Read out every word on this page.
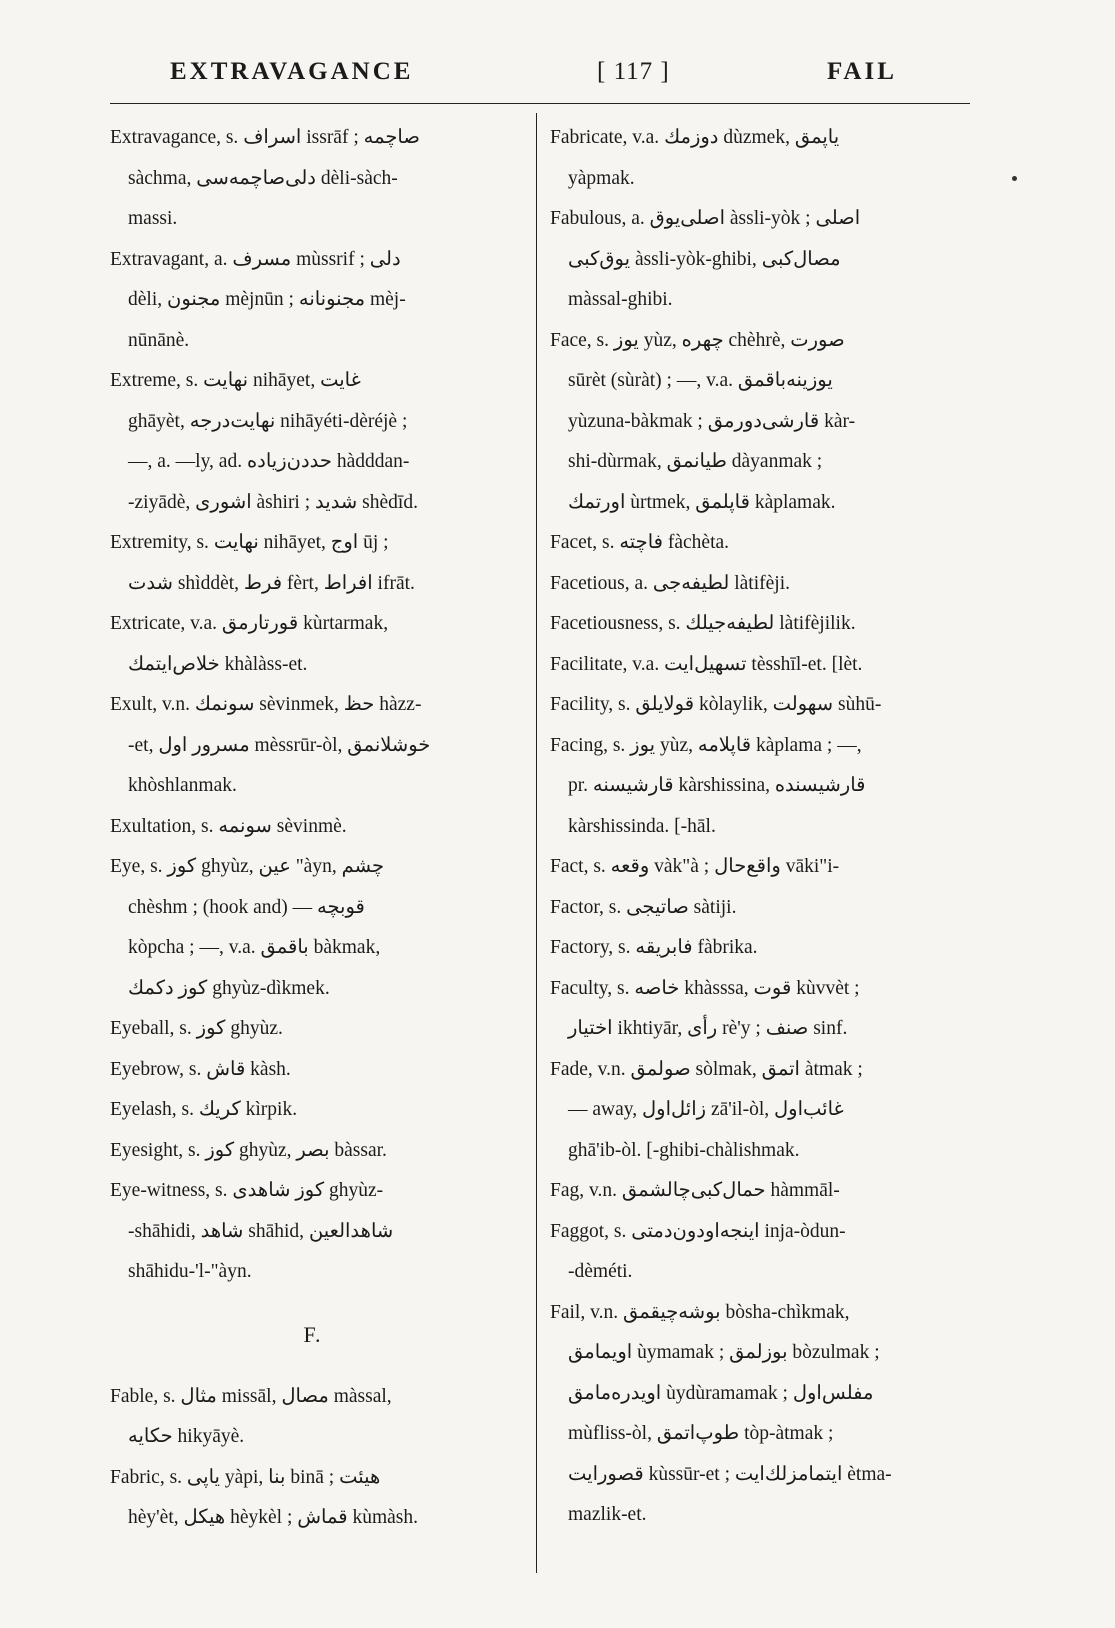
EXTRAVAGANCE	[ 117 ]	FAIL
Extravagance, s. اسراف issrāf ; صاچمه
sàchma, دلى‌صاچمه‌سى dèli-sàch-
massi.
Extravagant, a. مسرف mùssrif ; دلى
dèli, مجنون mèjnūn ; مجنونانه mèj-
nūnānè.
Extreme, s. نهايت nihāyet, غايت
ghāyèt, نهايت‌درجه nihāyéti-dèréjè ;
—, a. —ly, ad. حددن‌زياده hàdddan-
-ziyādè, اشورى àshiri ; شديد shèdīd.
Extremity, s. نهايت nihāyet, اوج ūj ;
شدت shìddèt, فرط fèrt, افراط ifrāt.
Extricate, v.a. قورتارمق kùrtarmak,
خلاص‌ايتمك khàlàss-et.
Exult, v.n. سونمك sèvinmek, حظ hàzz-
-et, مسرور اول mèssrūr-òl, خوشلانمق
khòshlanmak.
Exultation, s. سونمه sèvinmè.
Eye, s. كوز ghyùz, عين "àyn, چشم
chèshm ; (hook and) — قوبچه
kòpcha ; —, v.a. باقمق bàkmak,
كوز دكمك ghyùz-dìkmek.
Eyeball, s. كوز ghyùz.
Eyebrow, s. قاش kàsh.
Eyelash, s. كريك kìrpik.
Eyesight, s. كوز ghyùz, بصر bàssar.
Eye-witness, s. كوز شاهدى ghyùz-
-shāhidi, شاهد shāhid, شاهدالعين
shāhidu-'l-"àyn.
F.
Fable, s. مثال missāl, مصال màssal,
حكايه hikyāyè.
Fabric, s. ياپى yàpi, بنا binā ; هيئت
hèy'èt, هيكل hèykèl ; قماش kùmàsh.
Fabricate, v.a. دوزمك dùzmek, ياپمق
yàpmak.
Fabulous, a. اصلى‌يوق àssli-yòk ; اصلى
يوق‌كبى àssli-yòk-ghibi, مصال‌كبى
màssal-ghibi.
Face, s. يوز yùz, چهره chèhrè, صورت
sūrèt (sùràt) ; —, v.a. يوزينه‌باقمق
yùzuna-bàkmak ; قارشى‌دورمق kàr-
shi-dùrmak, طيانمق dàyanmak ;
اورتمك ùrtmek, قاپلمق kàplamak.
Facet, s. فاچته fàchèta.
Facetious, a. لطيفه‌جى làtifèji.
Facetiousness, s. لطيفه‌جيلك làtifèjilik.
Facilitate, v.a. تسهيل‌ايت tèsshīl-et. [lèt.
Facility, s. قولايلق kòlaylik, سهولت sùhū-
Facing, s. يوز yùz, قاپلامه kàplama ; —,
pr. قارشيسنه kàrshissina, قارشيسنده
kàrshissinda. [-hāl.
Fact, s. وقعه vàk"à ; واقع‌حال vāki"i-
Factor, s. صاتيجى sàtiji.
Factory, s. فابريقه fàbrika.
Faculty, s. خاصه khàsssa, قوت kùvvèt ;
اختيار ikhtiyār, رأى rè'y ; صنف sinf.
Fade, v.n. صولمق sòlmak, اتمق àtmak ;
— away, زائل‌اول zā'il-òl, غائب‌اول
ghā'ib-òl. [-ghibi-chàlishmak.
Fag, v.n. حمال‌كبى‌چالشمق hàmmāl-
Faggot, s. اينجه‌اودون‌دمتى inja-òdun-
-dèméti.
Fail, v.n. بوشه‌چيقمق bòsha-chìkmak,
اويمامق ùymamak ; بوزلمق bòzulmak ;
اويدره‌مامق ùydùramamak ; مفلس‌اول
mùfliss-òl, طوپ‌اتمق tòp-àtmak ;
قصور‌ايت kùssūr-et ; ايتمامزلك‌ايت ètma-
mazlik-et.
